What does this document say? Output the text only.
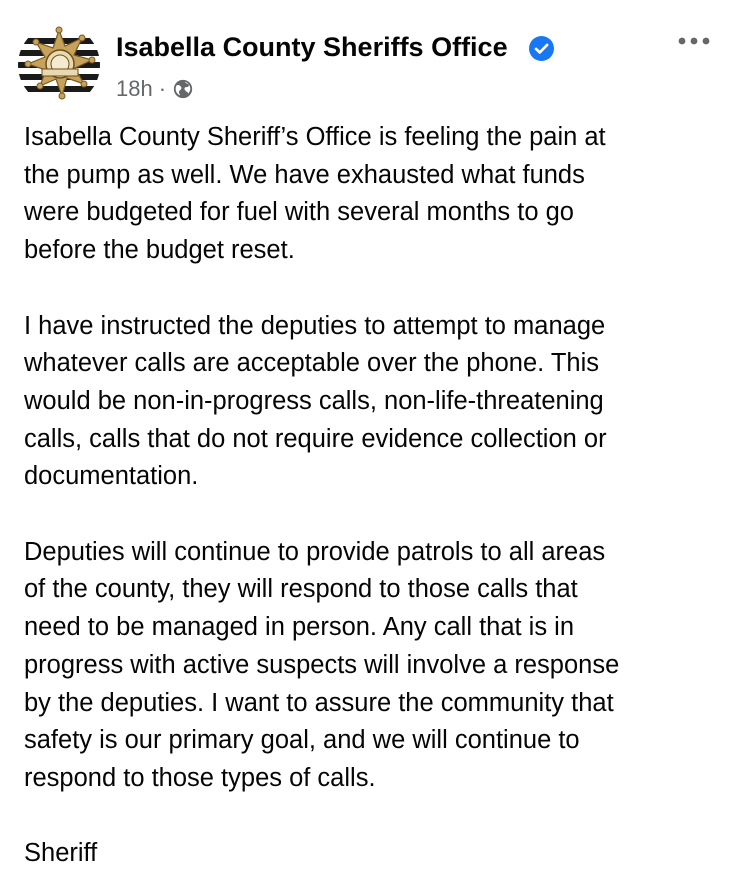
Isabella County Sheriffs Office
18h ·

Isabella County Sheriff’s Office is feeling the pain at
the pump as well. We have exhausted what funds
were budgeted for fuel with several months to go
before the budget reset.

I have instructed the deputies to attempt to manage
whatever calls are acceptable over the phone. This
would be non-in-progress calls, non-life-threatening
calls, calls that do not require evidence collection or
documentation.

Deputies will continue to provide patrols to all areas
of the county, they will respond to those calls that
need to be managed in person. Any call that is in
progress with active suspects will involve a response
by the deputies. I want to assure the community that
safety is our primary goal, and we will continue to
respond to those types of calls.

Sheriff
